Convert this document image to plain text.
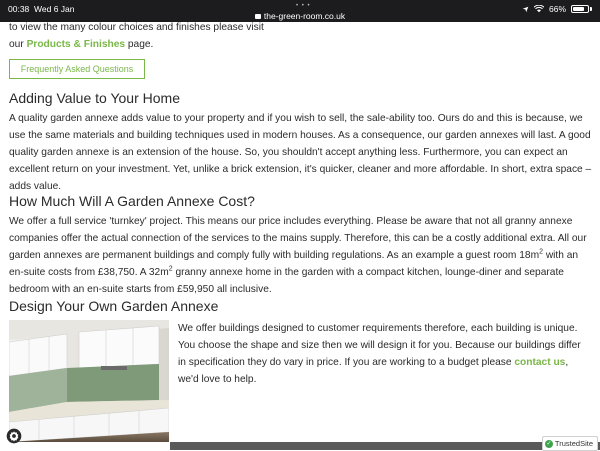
00:38 Wed 6 Jan	• • •
the-green-room.co.uk
66%

to view the many colour choices and finishes please visit
our Products & Finishes page.

Frequently Asked Questions
Adding Value to Your Home

A quality garden annexe adds value to your property and if you wish to sell, the sale-ability too. Ours do and this is because, we use the same materials and building techniques used in modern houses. As a consequence, our garden annexes will last. A good quality garden annexe is an extension of the house. So, you shouldn't accept anything less. Furthermore, you can expect an excellent return on your investment. Yet, unlike a brick extension, it's quicker, cleaner and more affordable. In short, extra space – adds value.

How Much Will A Garden Annexe Cost?

We offer a full service 'turnkey' project. This means our price includes everything. Please be aware that not all granny annexe companies offer the actual connection of the services to the mains supply. Therefore, this can be a costly additional extra. All our garden annexes are permanent buildings and comply fully with building regulations. As an example a guest room $18m^2$ with an en-suite costs from £38,750. A $32m^2$ granny annexe home in the garden with a compact kitchen, lounge-diner and separate bedroom with an en-suite starts from £59,950 all inclusive.

Design Your Own Garden Annexe

We offer buildings designed to customer requirements therefore, each building is unique. You choose the shape and size then we will design it for you. Because our buildings differ in specification they do vary in price. If you are working to a budget please contact us, we'd love to help.

✓ TrustedSite
